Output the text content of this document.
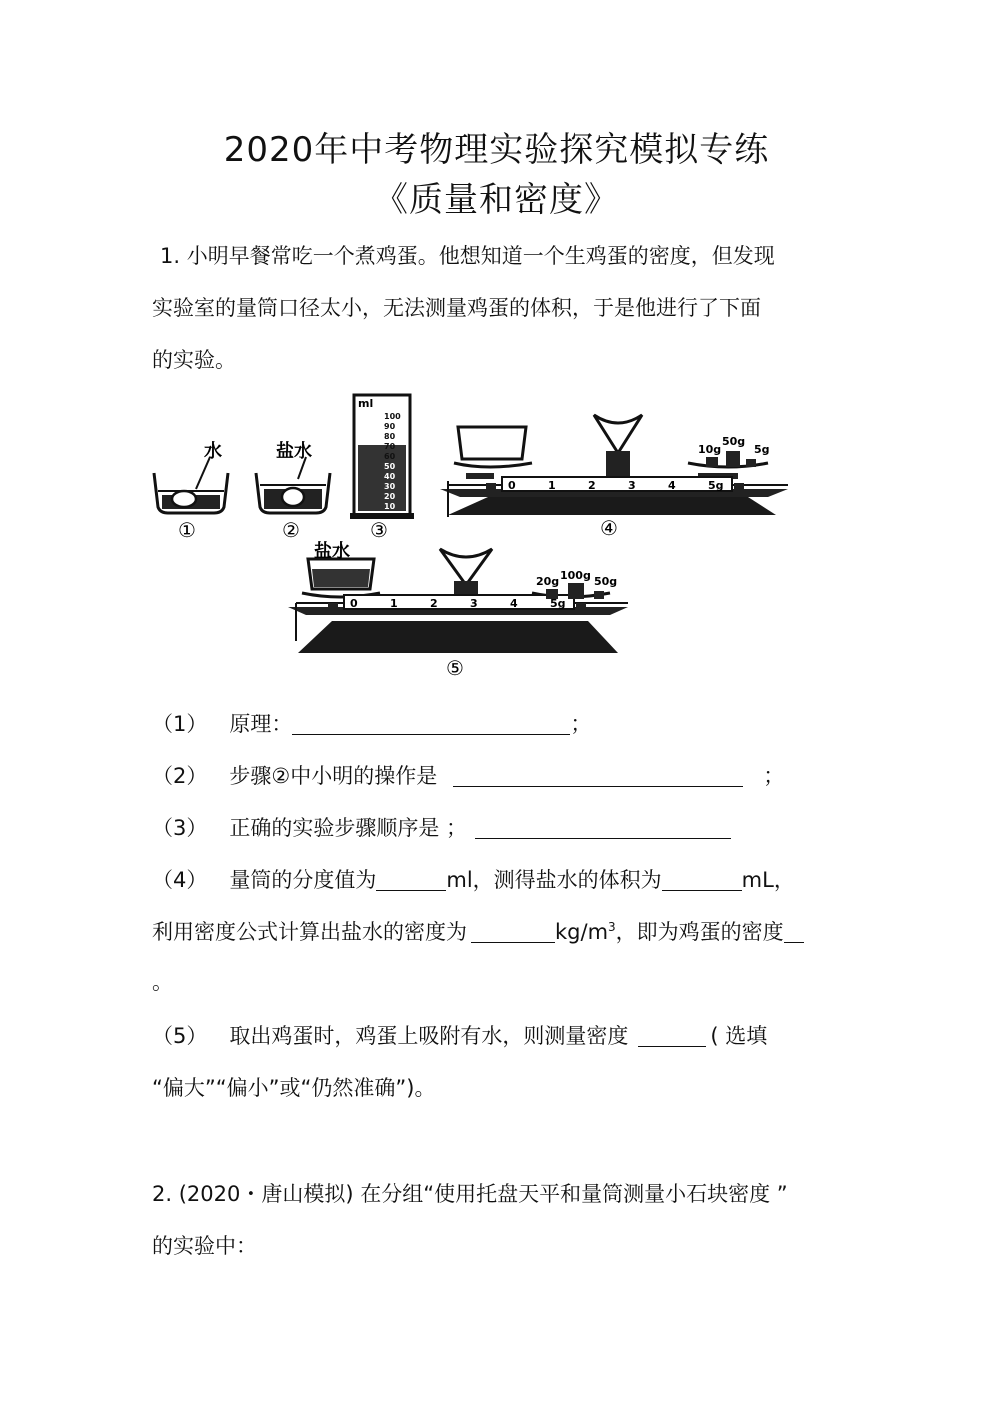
2020年中考物理实验探究模拟专练
《质量和密度》
1. 小明早餐常吃一个煮鸡蛋。他想知道一个生鸡蛋的密度，但发现
实验室的量筒口径太小，无法测量鸡蛋的体积，于是他进行了下面
的实验。
水	盐水
盐水
ml
100
90
80
70
60
50
40
30
20
10
0	1	2	3	4	5g
0	1	2	3	4	5g
10g
50g
5g
20g 100g 50g
①	②	③	④
⑤
（1） 原理：	；
（2） 步骤②中小明的操作是	；
（3） 正确的实验步骤顺序是 ；
（4） 量筒的分度值为	ml，测得盐水的体积为	mL，
利用密度公式计算出盐水的密度为	$kg/m^3$，即为鸡蛋的密度
。
（5） 取出鸡蛋时，鸡蛋上吸附有水，则测量密度	( 选填
“偏大”“偏小”或“仍然准确”)。
2. (2020・唐山模拟) 在分组“使用托盘天平和量筒测量小石块密度 ”
的实验中：
